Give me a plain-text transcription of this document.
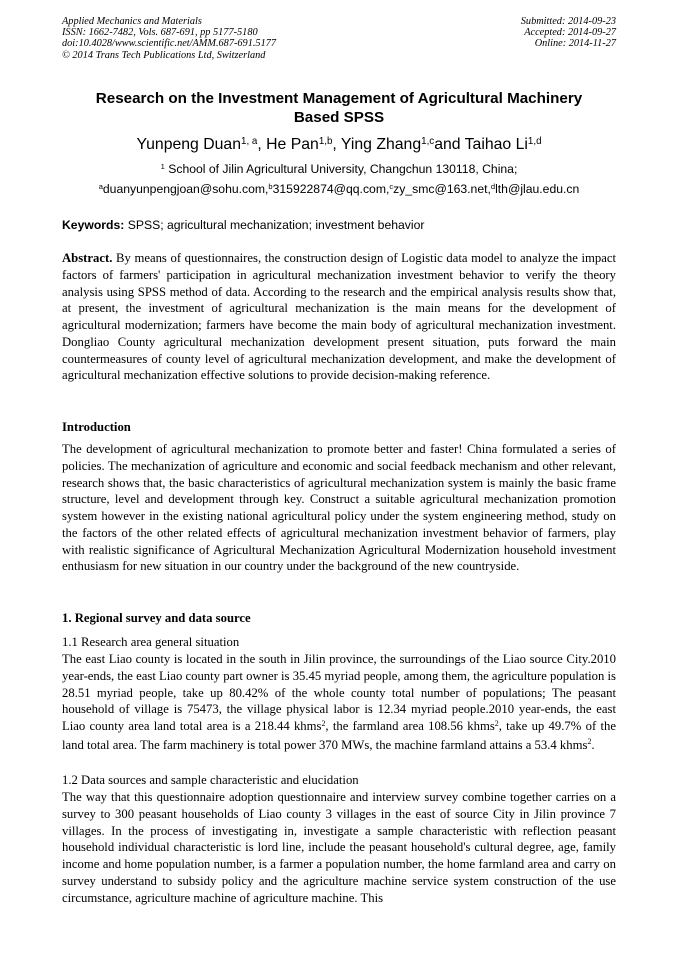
Applied Mechanics and Materials
ISSN: 1662-7482, Vols. 687-691, pp 5177-5180
doi:10.4028/www.scientific.net/AMM.687-691.5177
© 2014 Trans Tech Publications Ltd, Switzerland
Submitted: 2014-09-23
Accepted: 2014-09-27
Online: 2014-11-27
Research on the Investment Management of Agricultural Machinery
Based SPSS
Yunpeng Duan$^{1, a}$, He Pan$^{1,b}$, Ying Zhang$^{1,c}$and Taihao Li$^{1,d}$
$^1$ School of Jilin Agricultural University, Changchun 130118, China;
$^a$duanyunpengjoan@sohu.com,$^b$315922874@qq.com,$^c$zy_smc@163.net,$^d$lth@jlau.edu.cn
Keywords: SPSS; agricultural mechanization; investment behavior
Abstract. By means of questionnaires, the construction design of Logistic data model to analyze the impact factors of farmers' participation in agricultural mechanization investment behavior to verify the theory analysis using SPSS method of data. According to the research and the empirical analysis results show that, at present, the investment of agricultural mechanization is the main means for the development of agricultural modernization; farmers have become the main body of agricultural mechanization investment. Dongliao County agricultural mechanization development present situation, puts forward the main countermeasures of county level of agricultural mechanization development, and make the development of agricultural mechanization effective solutions to provide decision-making reference.
Introduction
The development of agricultural mechanization to promote better and faster! China formulated a series of policies. The mechanization of agriculture and economic and social feedback mechanism and other relevant, research shows that, the basic characteristics of agricultural mechanization system is mainly the basic frame structure, level and development through key. Construct a suitable agricultural mechanization promotion system however in the existing national agricultural policy under the system engineering method, study on the factors of the other related effects of agricultural mechanization investment behavior of farmers, play with realistic significance of Agricultural Mechanization Agricultural Modernization household investment enthusiasm for new situation in our country under the background of the new countryside.
1. Regional survey and data source
1.1 Research area general situation
The east Liao county is located in the south in Jilin province, the surroundings of the Liao source City.2010 year-ends, the east Liao county part owner is 35.45 myriad people, among them, the agriculture population is 28.51 myriad people, take up 80.42% of the whole county total number of populations; The peasant household of village is 75473, the village physical labor is 12.34 myriad people.2010 year-ends, the east Liao county area land total area is a 218.44 khms$^2$, the farmland area 108.56 khms$^2$, take up 49.7% of the land total area. The farm machinery is total power 370 MWs, the machine farmland attains a 53.4 khms$^2$.
1.2 Data sources and sample characteristic and elucidation
The way that this questionnaire adoption questionnaire and interview survey combine together carries on a survey to 300 peasant households of Liao county 3 villages in the east of source City in Jilin province 7 villages. In the process of investigating in, investigate a sample characteristic with reflection peasant household individual characteristic is lord line, include the peasant household's cultural degree, age, family income and home population number, is a farmer a population number, the home farmland area and carry on survey understand to subsidy policy and the agriculture machine service system construction of the use circumstance, agriculture machine of agriculture machine. This
